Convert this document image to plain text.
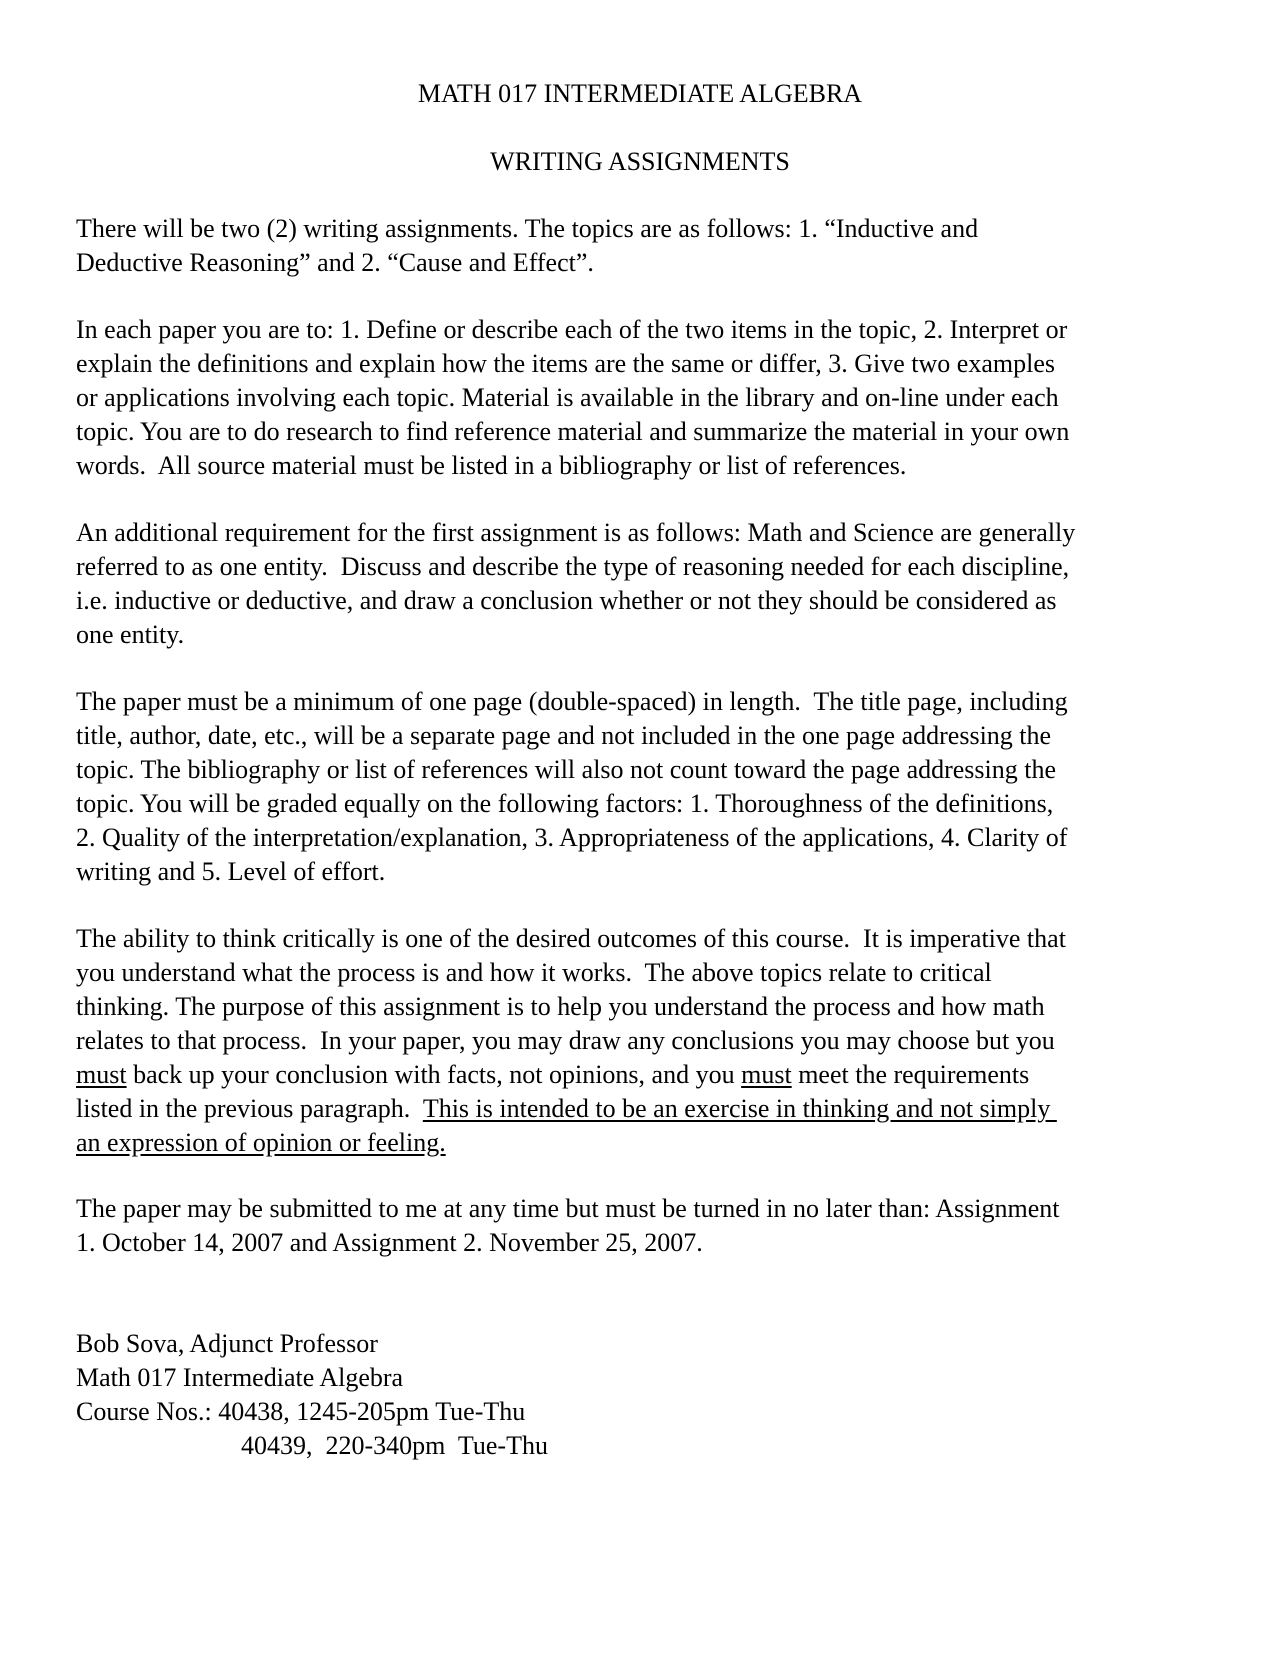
MATH 017 INTERMEDIATE ALGEBRA
WRITING ASSIGNMENTS
There will be two (2) writing assignments. The topics are as follows: 1. “Inductive and
Deductive Reasoning” and 2. “Cause and Effect”.
In each paper you are to: 1. Define or describe each of the two items in the topic, 2. Interpret or
explain the definitions and explain how the items are the same or differ, 3. Give two examples
or applications involving each topic. Material is available in the library and on-line under each
topic. You are to do research to find reference material and summarize the material in your own
words.  All source material must be listed in a bibliography or list of references.
An additional requirement for the first assignment is as follows: Math and Science are generally
referred to as one entity.  Discuss and describe the type of reasoning needed for each discipline,
i.e. inductive or deductive, and draw a conclusion whether or not they should be considered as
one entity.
The paper must be a minimum of one page (double-spaced) in length.  The title page, including
title, author, date, etc., will be a separate page and not included in the one page addressing the
topic. The bibliography or list of references will also not count toward the page addressing the
topic. You will be graded equally on the following factors: 1. Thoroughness of the definitions,
2. Quality of the interpretation/explanation, 3. Appropriateness of the applications, 4. Clarity of
writing and 5. Level of effort.
The ability to think critically is one of the desired outcomes of this course.  It is imperative that
you understand what the process is and how it works.  The above topics relate to critical
thinking. The purpose of this assignment is to help you understand the process and how math
relates to that process.  In your paper, you may draw any conclusions you may choose but you
must back up your conclusion with facts, not opinions, and you must meet the requirements
listed in the previous paragraph.  This is intended to be an exercise in thinking and not simply
an expression of opinion or feeling.
The paper may be submitted to me at any time but must be turned in no later than: Assignment
1. October 14, 2007 and Assignment 2. November 25, 2007.
Bob Sova, Adjunct Professor
Math 017 Intermediate Algebra
Course Nos.: 40438, 1245-205pm Tue-Thu
40439,  220-340pm  Tue-Thu
